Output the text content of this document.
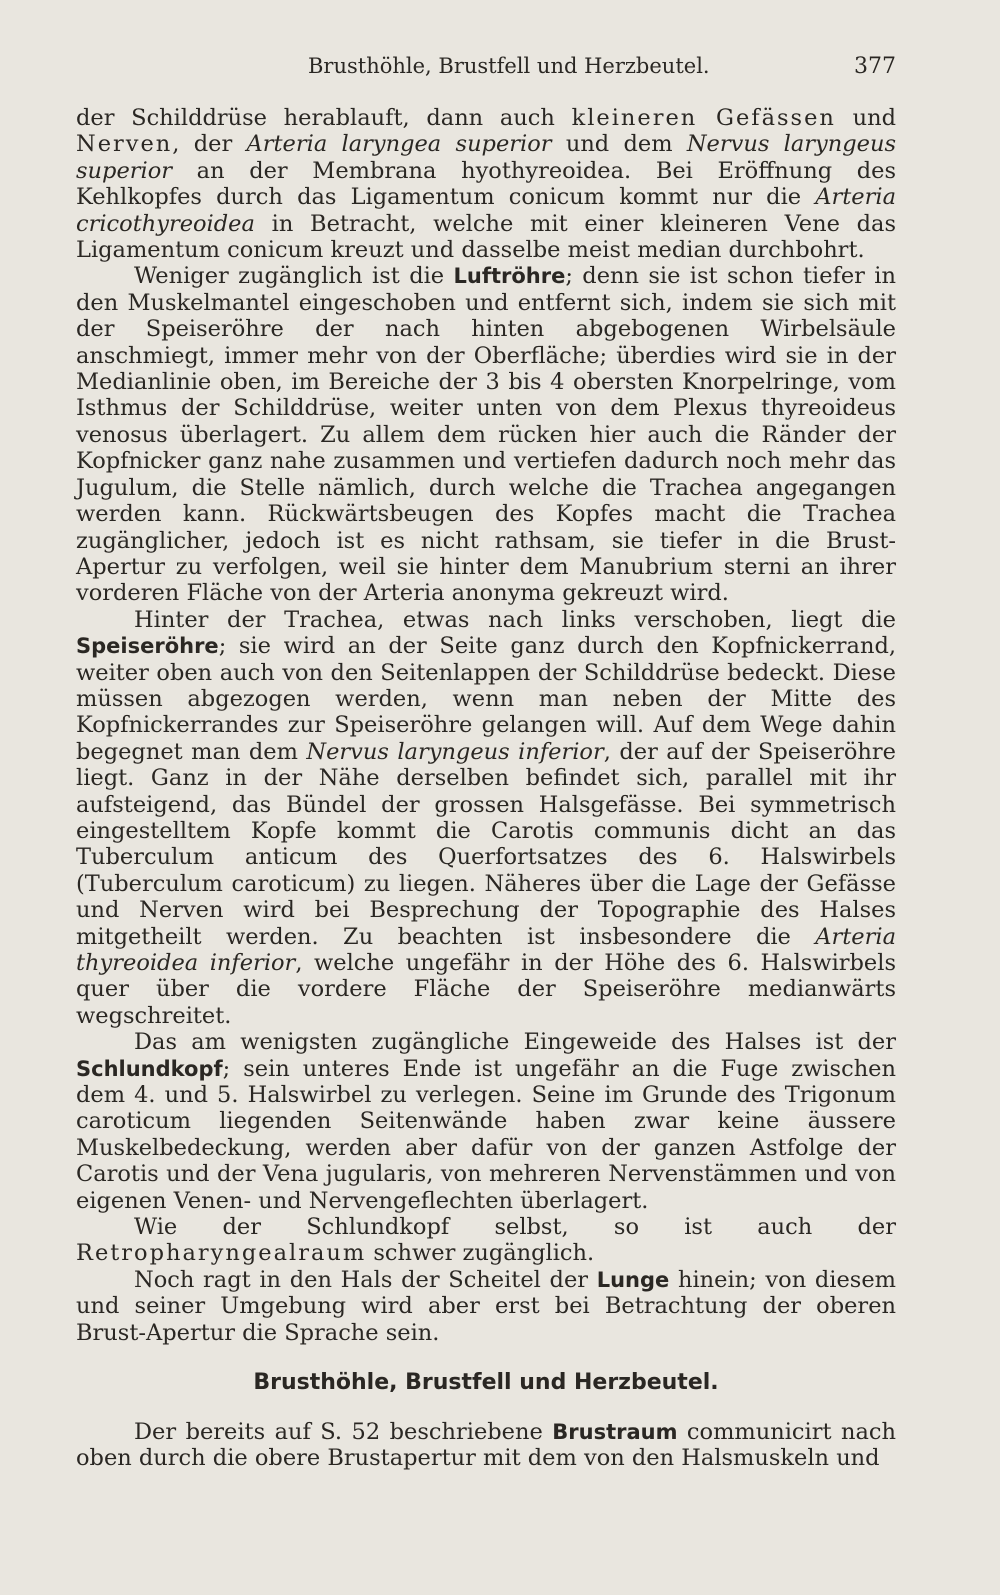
Brusthöhle, Brustfell und Herzbeutel.	377

der Schilddrüse herablauft, dann auch kleineren Gefässen und Nerven, der Arteria laryngea superior und dem Nervus laryngeus superior an der Membrana hyothyreoidea. Bei Eröffnung des Kehlkopfes durch das Ligamentum conicum kommt nur die Arteria cricothyreoidea in Betracht, welche mit einer kleineren Vene das Ligamentum conicum kreuzt und dasselbe meist median durchbohrt.

Weniger zugänglich ist die Luftröhre; denn sie ist schon tiefer in den Muskelmantel eingeschoben und entfernt sich, indem sie sich mit der Speiseröhre der nach hinten abgebogenen Wirbelsäule anschmiegt, immer mehr von der Oberfläche; überdies wird sie in der Medianlinie oben, im Bereiche der 3 bis 4 obersten Knorpelringe, vom Isthmus der Schilddrüse, weiter unten von dem Plexus thyreoideus venosus überlagert. Zu allem dem rücken hier auch die Ränder der Kopfnicker ganz nahe zusammen und vertiefen dadurch noch mehr das Jugulum, die Stelle nämlich, durch welche die Trachea angegangen werden kann. Rückwärtsbeugen des Kopfes macht die Trachea zugänglicher, jedoch ist es nicht rathsam, sie tiefer in die Brust-Apertur zu verfolgen, weil sie hinter dem Manubrium sterni an ihrer vorderen Fläche von der Arteria anonyma gekreuzt wird.

Hinter der Trachea, etwas nach links verschoben, liegt die Speiseröhre; sie wird an der Seite ganz durch den Kopfnickerrand, weiter oben auch von den Seitenlappen der Schilddrüse bedeckt. Diese müssen abgezogen werden, wenn man neben der Mitte des Kopfnickerrandes zur Speiseröhre gelangen will. Auf dem Wege dahin begegnet man dem Nervus laryngeus inferior, der auf der Speiseröhre liegt. Ganz in der Nähe derselben befindet sich, parallel mit ihr aufsteigend, das Bündel der grossen Halsgefässe. Bei symmetrisch eingestelltem Kopfe kommt die Carotis communis dicht an das Tuberculum anticum des Querfortsatzes des 6. Halswirbels (Tuberculum caroticum) zu liegen. Näheres über die Lage der Gefässe und Nerven wird bei Besprechung der Topographie des Halses mitgetheilt werden. Zu beachten ist insbesondere die Arteria thyreoidea inferior, welche ungefähr in der Höhe des 6. Halswirbels quer über die vordere Fläche der Speiseröhre medianwärts wegschreitet.

Das am wenigsten zugängliche Eingeweide des Halses ist der Schlundkopf; sein unteres Ende ist ungefähr an die Fuge zwischen dem 4. und 5. Halswirbel zu verlegen. Seine im Grunde des Trigonum caroticum liegenden Seitenwände haben zwar keine äussere Muskelbedeckung, werden aber dafür von der ganzen Astfolge der Carotis und der Vena jugularis, von mehreren Nervenstämmen und von eigenen Venen- und Nervengeflechten überlagert.

Wie der Schlundkopf selbst, so ist auch der Retropharyngealraum schwer zugänglich.

Noch ragt in den Hals der Scheitel der Lunge hinein; von diesem und seiner Umgebung wird aber erst bei Betrachtung der oberen Brust-Apertur die Sprache sein.

Brusthöhle, Brustfell und Herzbeutel.

Der bereits auf S. 52 beschriebene Brustraum communicirt nach oben durch die obere Brustapertur mit dem von den Halsmuskeln und
